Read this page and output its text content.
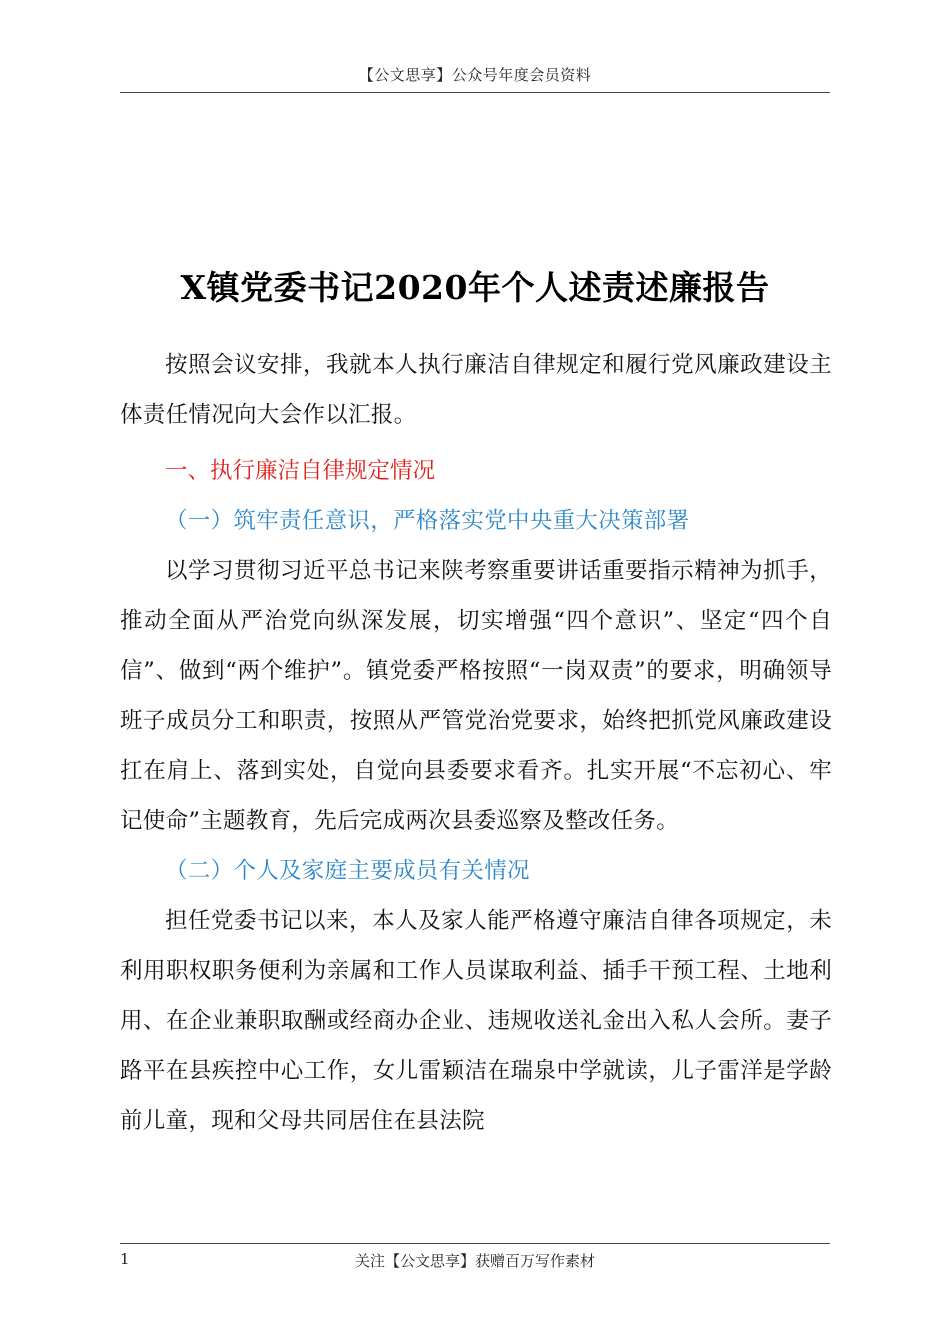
【公文思享】公众号年度会员资料
X镇党委书记2020年个人述责述廉报告

按照会议安排，我就本人执行廉洁自律规定和履行党风廉政建设主体责任情况向大会作以汇报。

一、执行廉洁自律规定情况

（一）筑牢责任意识，严格落实党中央重大决策部署

以学习贯彻习近平总书记来陕考察重要讲话重要指示精神为抓手，推动全面从严治党向纵深发展，切实增强“四个意识”、坚定“四个自信”、做到“两个维护”。镇党委严格按照“一岗双责”的要求，明确领导班子成员分工和职责，按照从严管党治党要求，始终把抓党风廉政建设扛在肩上、落到实处，自觉向县委要求看齐。扎实开展“不忘初心、牢记使命”主题教育，先后完成两次县委巡察及整改任务。

（二）个人及家庭主要成员有关情况

担任党委书记以来，本人及家人能严格遵守廉洁自律各项规定，未利用职权职务便利为亲属和工作人员谋取利益、插手干预工程、土地利用、在企业兼职取酬或经商办企业、违规收送礼金出入私人会所。妻子路平在县疾控中心工作，女儿雷颖洁在瑞泉中学就读，儿子雷洋是学龄前儿童，现和父母共同居住在县法院

1	关注【公文思享】获赠百万写作素材
